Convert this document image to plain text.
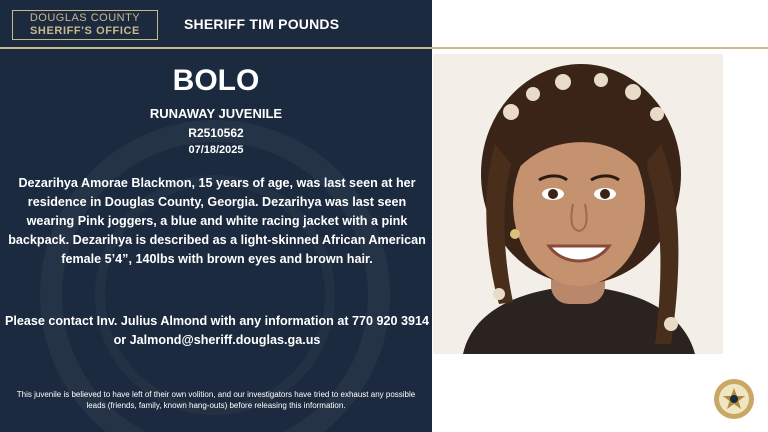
DOUGLAS COUNTY
SHERIFF'S OFFICE	SHERIFF TIM POUNDS
BOLO
RUNAWAY JUVENILE
R2510562
07/18/2025
Dezarihya Amorae Blackmon, 15 years of age, was last seen at her residence in Douglas County, Georgia. Dezarihya was last seen wearing Pink joggers, a blue and white racing jacket with a pink backpack. Dezarihya is described as a light-skinned African American female 5’4”, 140lbs with brown eyes and brown hair.
Please contact Inv. Julius Almond with any information at 770 920 3914 or Jalmond@sheriff.douglas.ga.us
This juvenile is believed to have left of their own volition, and our investigators have tried to exhaust any possible leads (friends, family, known hang-outs) before releasing this information.
